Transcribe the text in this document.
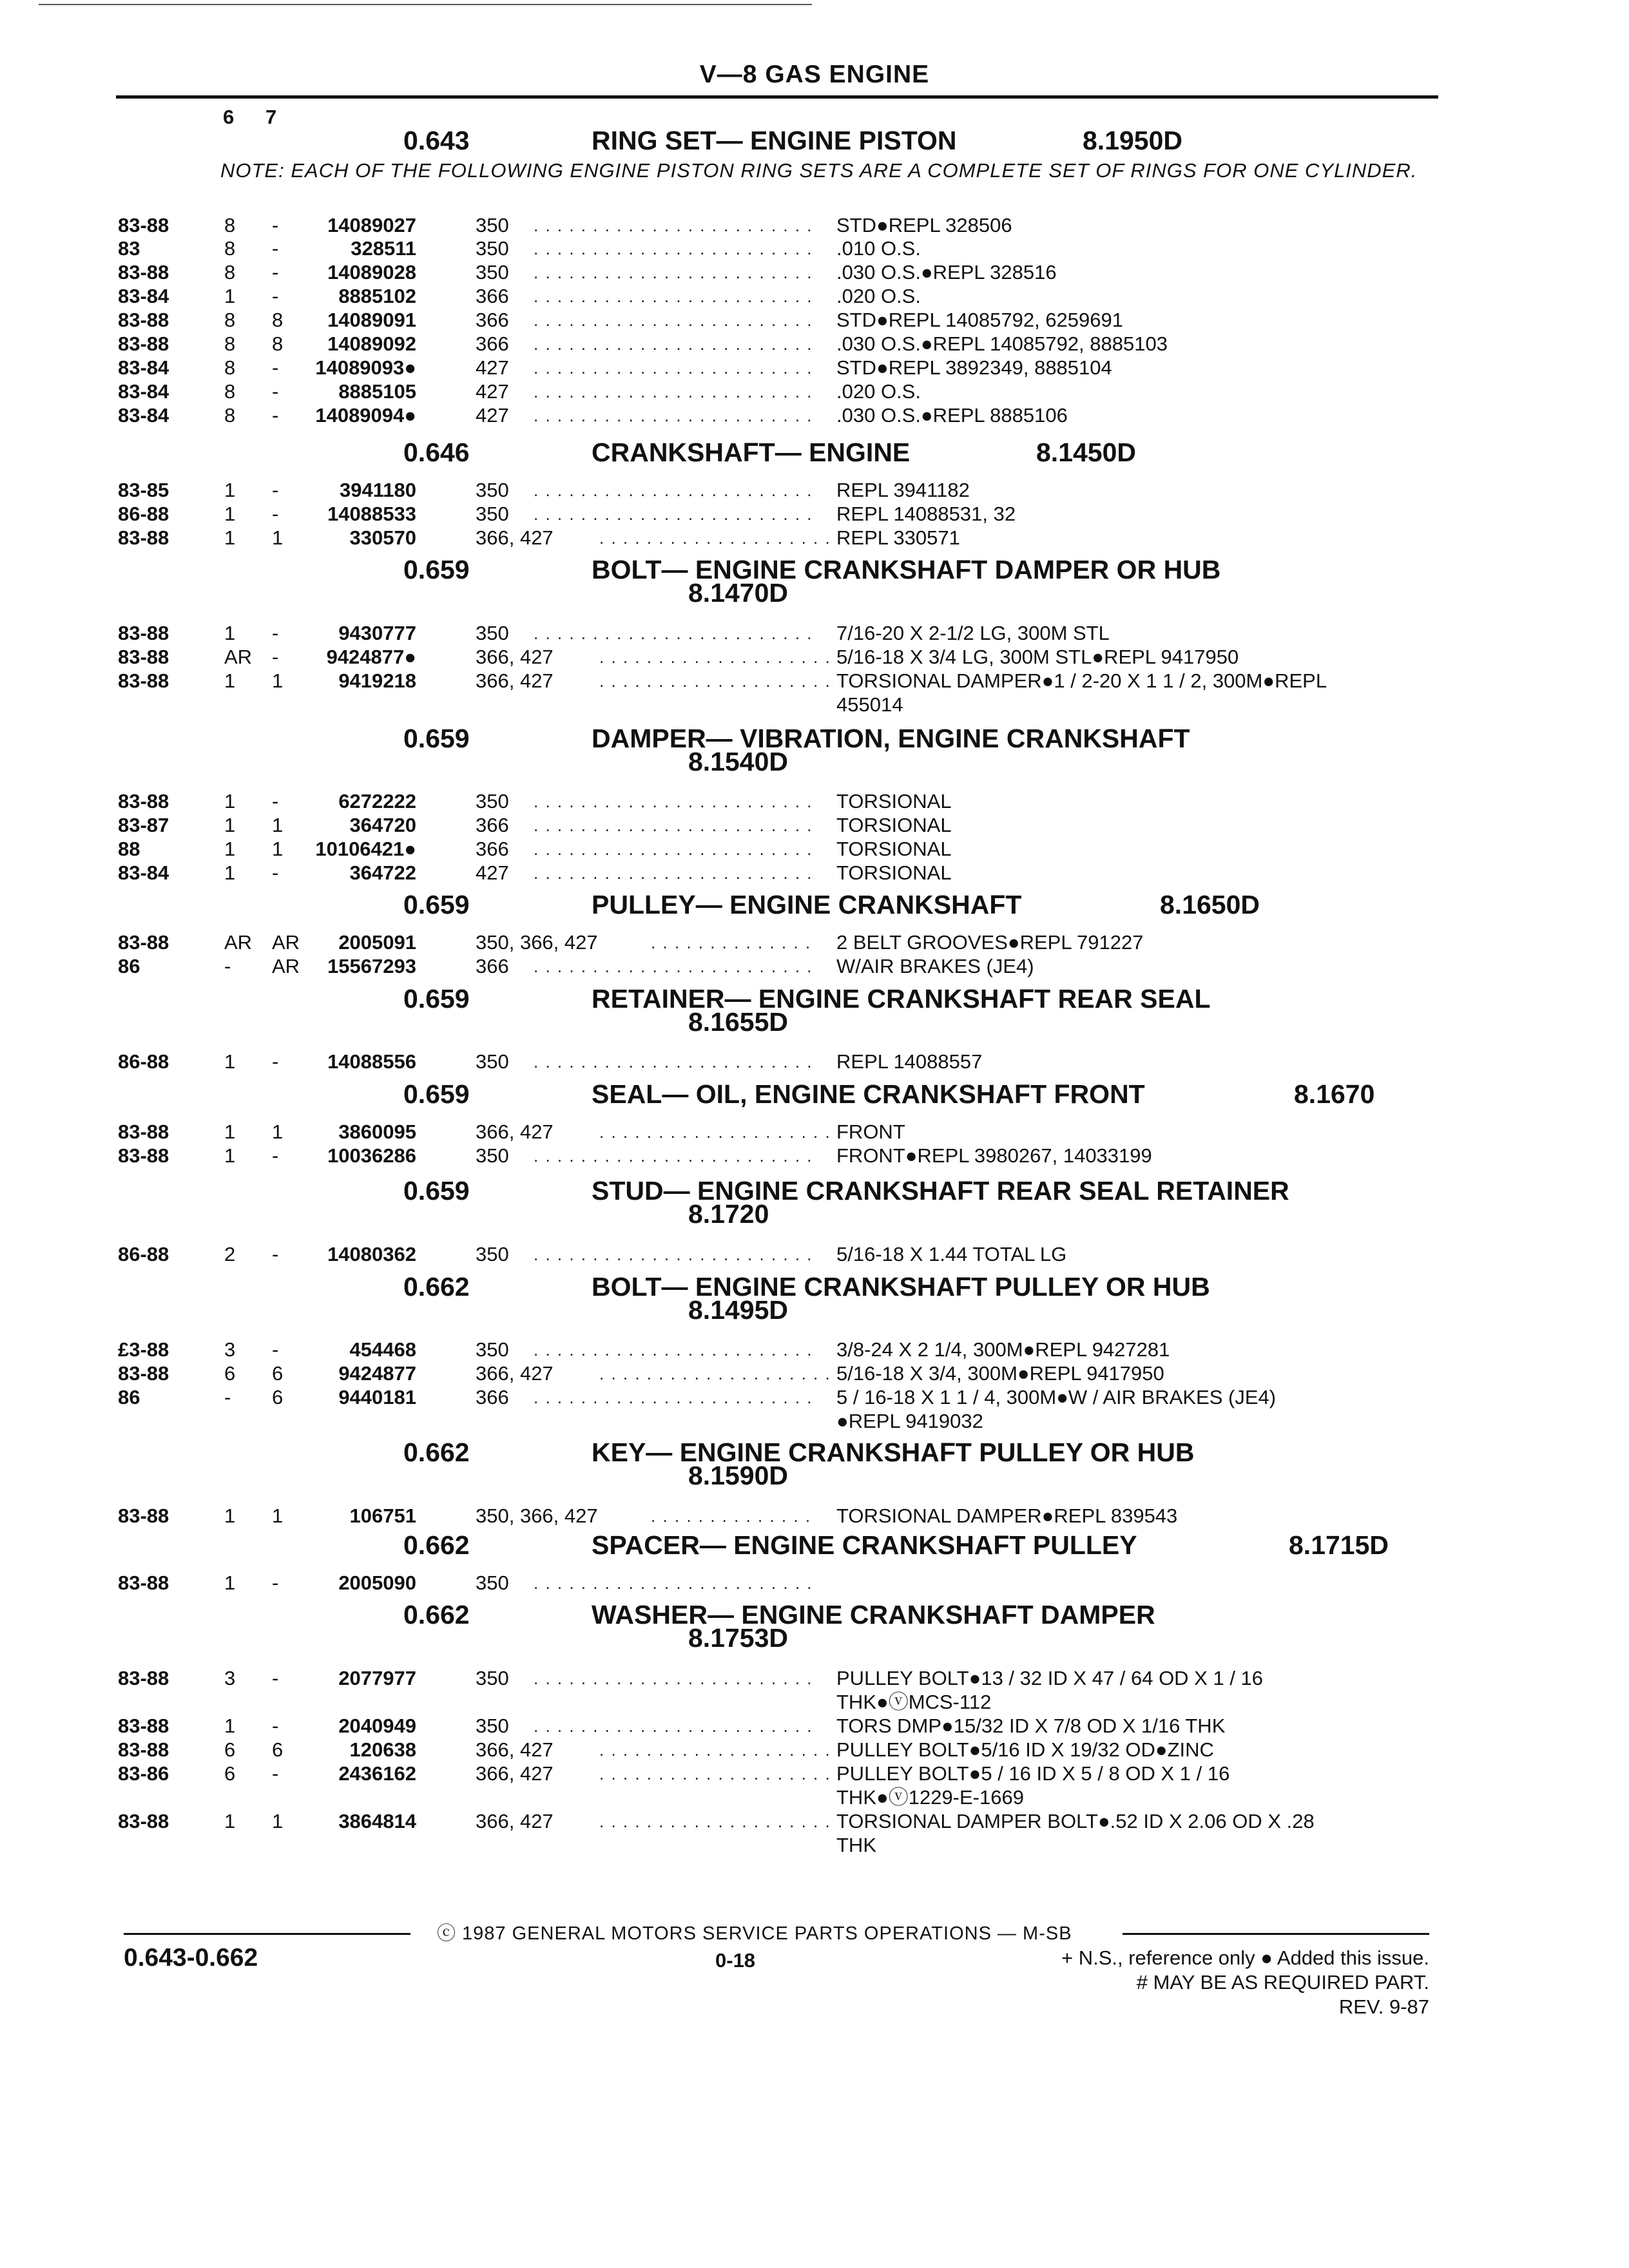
V—8 GAS ENGINE
6 7
NOTE: EACH OF THE FOLLOWING ENGINE PISTON RING SETS ARE A COMPLETE SET OF RINGS FOR ONE CYLINDER.
ⓒ 1987 GENERAL MOTORS SERVICE PARTS OPERATIONS — M-SB
0.643-0.662	0-18	+ N.S., reference only ● Added this issue.
# MAY BE AS REQUIRED PART.
REV. 9-87
0.643	RING SET— ENGINE PISTON	8.1950D
83-88	8 -	14089027	350 . . . . . . . . . . . . . . . . . . . . . . . . STD●REPL 328506
83	8 -	328511	350 . . . . . . . . . . . . . . . . . . . . . . . . .010 O.S.
83-88	8 -	14089028	350 . . . . . . . . . . . . . . . . . . . . . . . . .030 O.S.●REPL 328516
83-84	1 -	8885102	366 . . . . . . . . . . . . . . . . . . . . . . . . .020 O.S.
83-88	8 8	14089091	366 . . . . . . . . . . . . . . . . . . . . . . . . STD●REPL 14085792, 6259691
83-88	8 8	14089092	366 . . . . . . . . . . . . . . . . . . . . . . . . .030 O.S.●REPL 14085792, 8885103
83-84	8 -	14089093●	427 . . . . . . . . . . . . . . . . . . . . . . . . STD●REPL 3892349, 8885104
83-84	8 -	8885105	427 . . . . . . . . . . . . . . . . . . . . . . . . .020 O.S.
83-84	8 -	14089094●	427 . . . . . . . . . . . . . . . . . . . . . . . . .030 O.S.●REPL 8885106
0.646	CRANKSHAFT— ENGINE	8.1450D
83-85	1 -	3941180	350 . . . . . . . . . . . . . . . . . . . . . . . . REPL 3941182
86-88	1 -	14088533	350 . . . . . . . . . . . . . . . . . . . . . . . . REPL 14088531, 32
83-88	1 1	330570	366, 427	. . . . . . . . . . . . . . . . . . . . REPL 330571
0.659	BOLT— ENGINE CRANKSHAFT DAMPER OR HUB
8.1470D
83-88	1 -	9430777	350 . . . . . . . . . . . . . . . . . . . . . . . . 7/16-20 X 2-1/2 LG, 300M STL
83-88	AR -	9424877●	366, 427	. . . . . . . . . . . . . . . . . . . . 5/16-18 X 3/4 LG, 300M STL●REPL 9417950
83-88	1 1	9419218	366, 427	. . . . . . . . . . . . . . . . . . . . TORSIONAL DAMPER●1 / 2-20 X 1 1 / 2, 300M●REPL
455014
0.659	DAMPER— VIBRATION, ENGINE CRANKSHAFT
8.1540D
83-88	1 -	6272222	350 . . . . . . . . . . . . . . . . . . . . . . . . TORSIONAL
83-87	1 1	364720	366 . . . . . . . . . . . . . . . . . . . . . . . . TORSIONAL
88	1 1	10106421●	366 . . . . . . . . . . . . . . . . . . . . . . . . TORSIONAL
83-84	1 -	364722	427 . . . . . . . . . . . . . . . . . . . . . . . . TORSIONAL
0.659	PULLEY— ENGINE CRANKSHAFT	8.1650D
83-88	AR AR	2005091	350, 366, 427	. . . . . . . . . . . . . . 2 BELT GROOVES●REPL 791227
86	- AR	15567293	366 . . . . . . . . . . . . . . . . . . . . . . . . W/AIR BRAKES (JE4)
0.659	RETAINER— ENGINE CRANKSHAFT REAR SEAL
8.1655D
86-88	1 -	14088556	350 . . . . . . . . . . . . . . . . . . . . . . . . REPL 14088557
0.659	SEAL— OIL, ENGINE CRANKSHAFT FRONT	8.1670
83-88	1 1	3860095	366, 427	. . . . . . . . . . . . . . . . . . . . FRONT
83-88	1 -	10036286	350 . . . . . . . . . . . . . . . . . . . . . . . . FRONT●REPL 3980267, 14033199
0.659	STUD— ENGINE CRANKSHAFT REAR SEAL RETAINER
8.1720
86-88	2 -	14080362	350 . . . . . . . . . . . . . . . . . . . . . . . . 5/16-18 X 1.44 TOTAL LG
0.662	BOLT— ENGINE CRANKSHAFT PULLEY OR HUB
8.1495D
£3-88	3 -	454468	350 . . . . . . . . . . . . . . . . . . . . . . . . 3/8-24 X 2 1/4, 300M●REPL 9427281
83-88	6 6	9424877	366, 427	. . . . . . . . . . . . . . . . . . . . 5/16-18 X 3/4, 300M●REPL 9417950
86	- 6	9440181	366 . . . . . . . . . . . . . . . . . . . . . . . . 5 / 16-18 X 1 1 / 4, 300M●W / AIR BRAKES (JE4)
●REPL 9419032
0.662	KEY— ENGINE CRANKSHAFT PULLEY OR HUB
8.1590D
83-88	1 1	106751	350, 366, 427	. . . . . . . . . . . . . . TORSIONAL DAMPER●REPL 839543
0.662	SPACER— ENGINE CRANKSHAFT PULLEY	8.1715D
83-88	1 -	2005090	350 . . . . . . . . . . . . . . . . . . . . . . . .
0.662	WASHER— ENGINE CRANKSHAFT DAMPER
8.1753D
83-88	3 -	2077977	350 . . . . . . . . . . . . . . . . . . . . . . . . PULLEY BOLT●13 / 32 ID X 47 / 64 OD X 1 / 16
THK●ⓥMCS-112
83-88	1 -	2040949	350 . . . . . . . . . . . . . . . . . . . . . . . . TORS DMP●15/32 ID X 7/8 OD X 1/16 THK
83-88	6 6	120638	366, 427	. . . . . . . . . . . . . . . . . . . . PULLEY BOLT●5/16 ID X 19/32 OD●ZINC
83-86	6 -	2436162	366, 427	. . . . . . . . . . . . . . . . . . . . PULLEY BOLT●5 / 16 ID X 5 / 8 OD X 1 / 16
THK●ⓥ1229-E-1669
83-88	1 1	3864814	366, 427	. . . . . . . . . . . . . . . . . . . . TORSIONAL DAMPER BOLT●.52 ID X 2.06 OD X .28
THK
